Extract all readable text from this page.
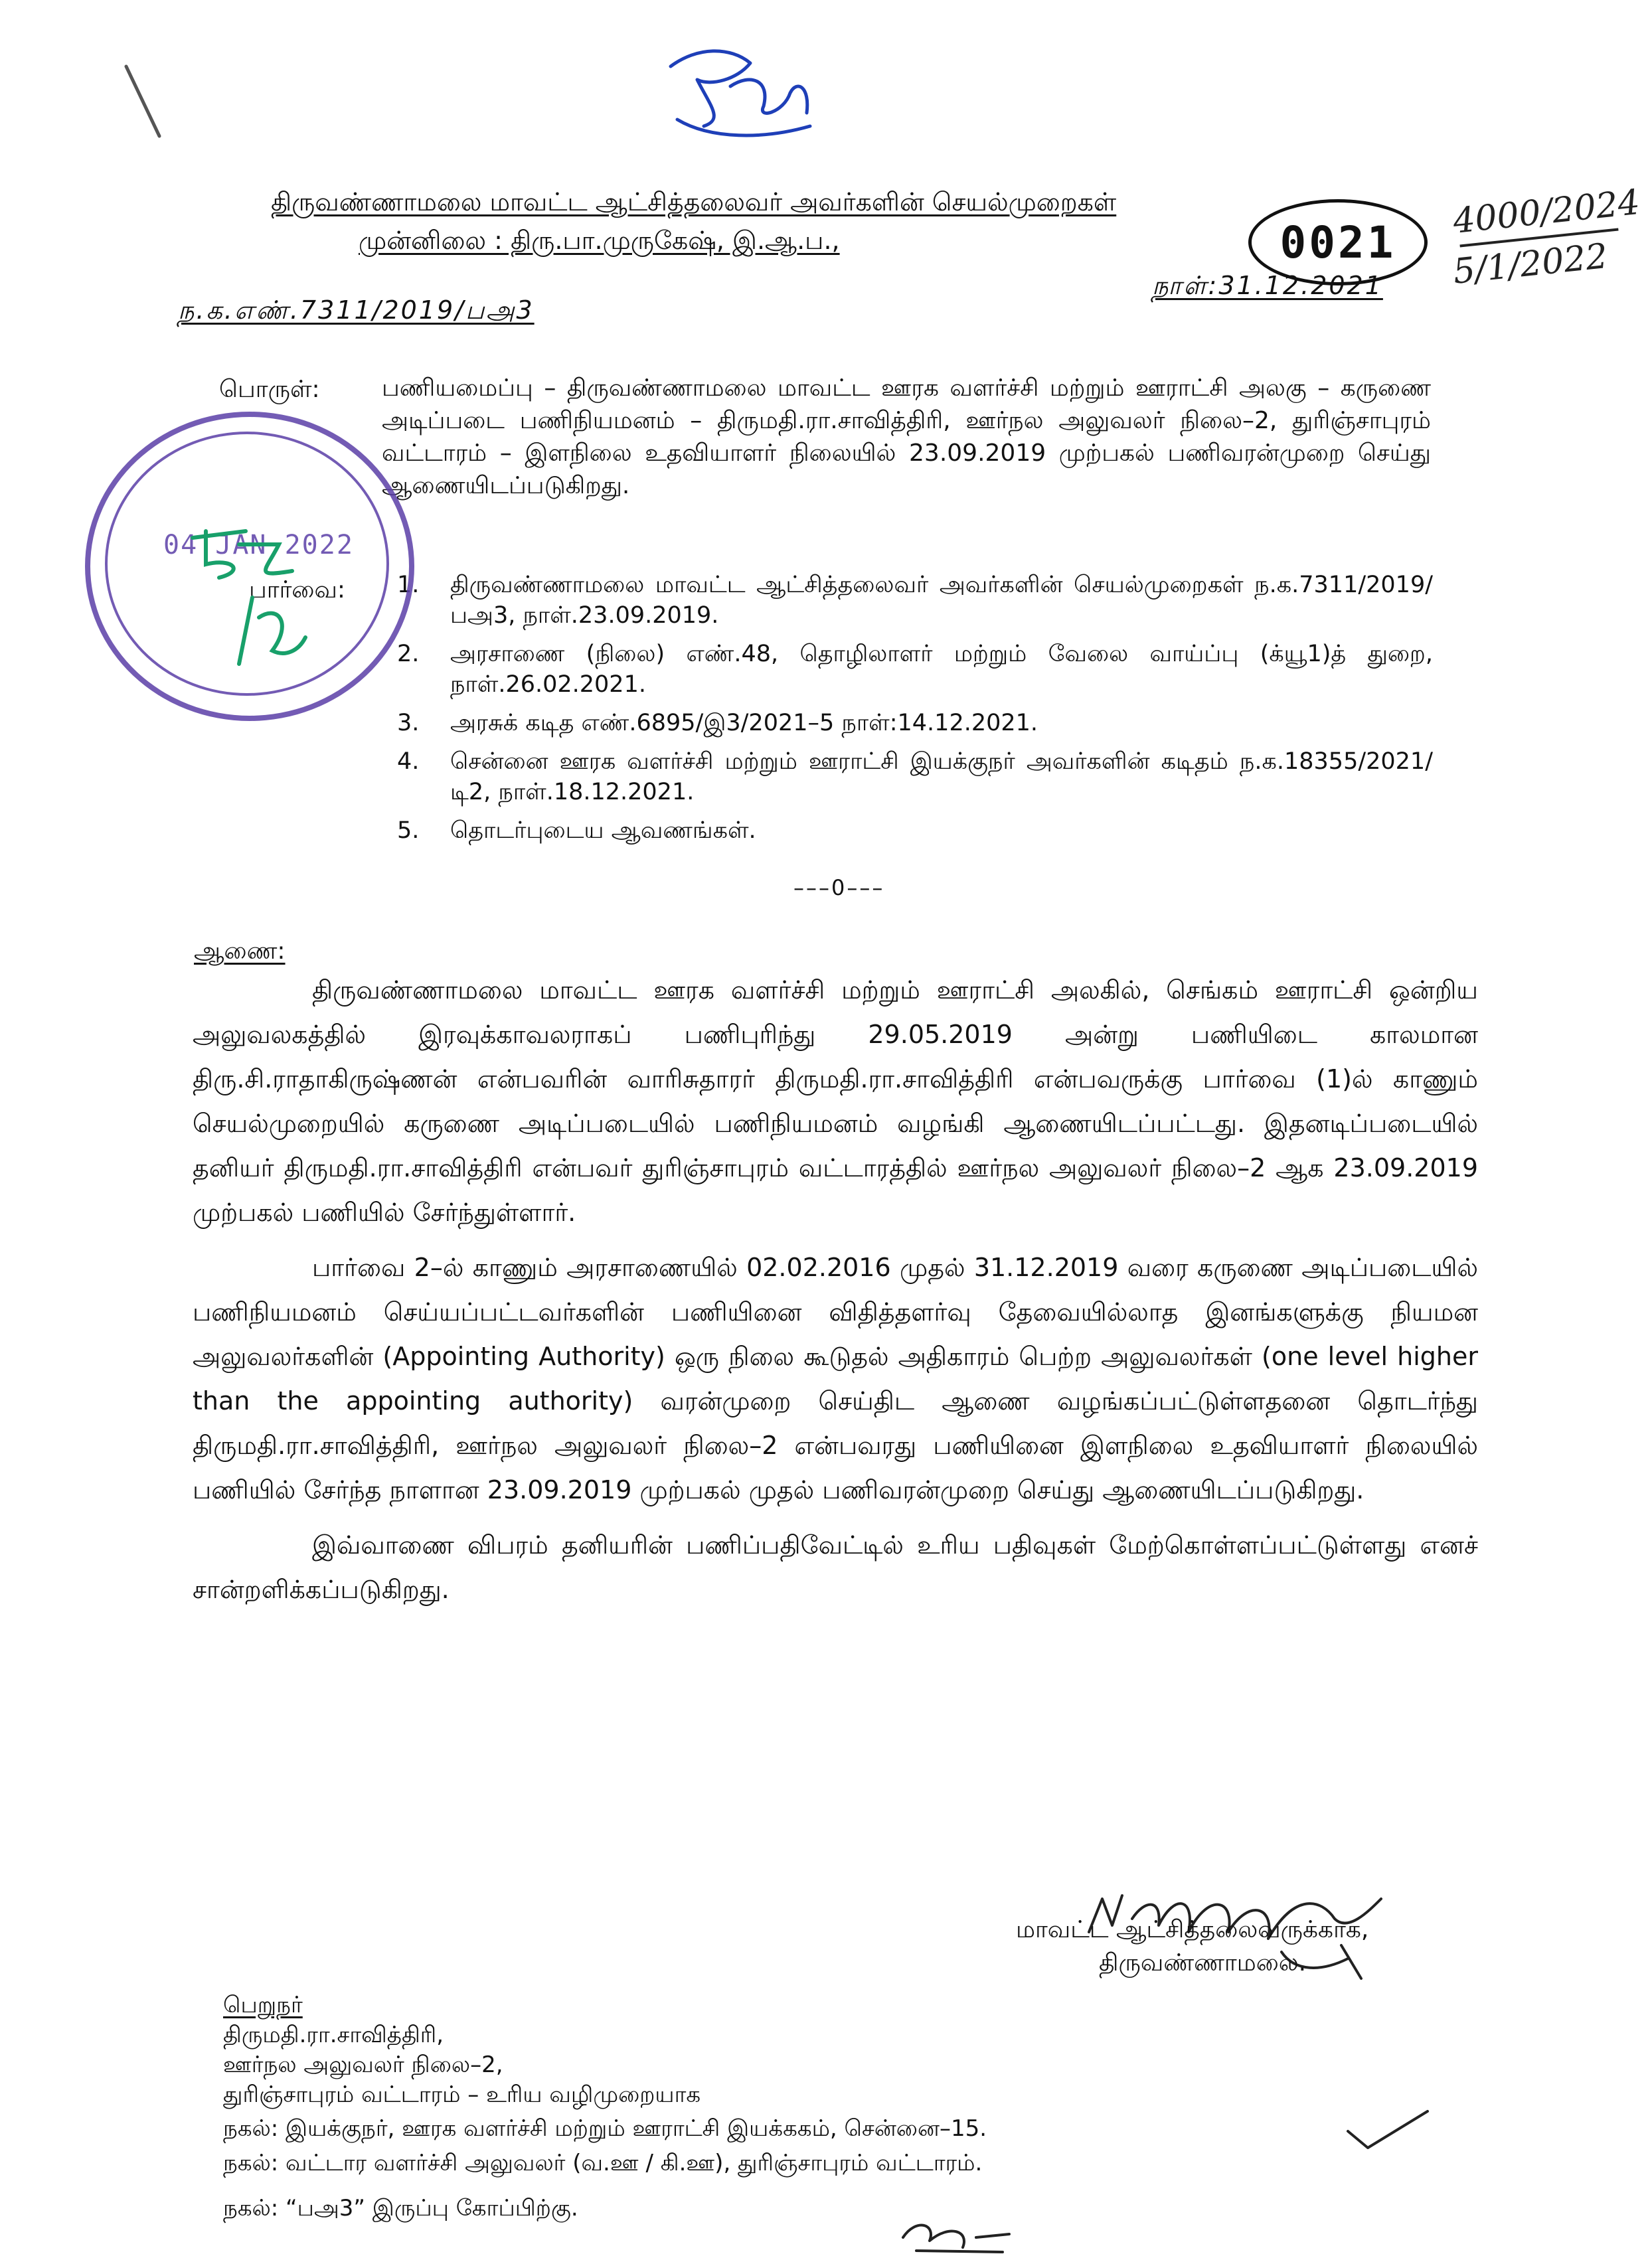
திருவண்ணாமலை மாவட்ட ஆட்சித்தலைவர் அவர்களின் செயல்முறைகள்
முன்னிலை : திரு.பா.முருகேஷ், இ.ஆ.ப.,	0021
4000/2024
5/1/2022
நாள்:31.12.2021
ந.க.எண்.7311/2019/பஅ3
பொருள்:	பணியமைப்பு – திருவண்ணாமலை மாவட்ட ஊரக வளர்ச்சி மற்றும் ஊராட்சி அலகு – கருணை அடிப்படை பணிநியமனம் – திருமதி.ரா.சாவித்திரி, ஊர்நல அலுவலர் நிலை–2, துரிஞ்சாபுரம் வட்டாரம் – இளநிலை உதவியாளர் நிலையில் 23.09.2019 முற்பகல் பணிவரன்முறை செய்து ஆணையிடப்படுகிறது.
பார்வை: 1.	திருவண்ணாமலை மாவட்ட ஆட்சித்தலைவர் அவர்களின் செயல்முறைகள் ந.க.7311/2019/பஅ3, நாள்.23.09.2019.
2.	அரசாணை (நிலை) எண்.48, தொழிலாளர் மற்றும் வேலை வாய்ப்பு (க்யூ1)த் துறை, நாள்.26.02.2021.
3.	அரசுக் கடித எண்.6895/இ3/2021–5 நாள்:14.12.2021.
4.	சென்னை ஊரக வளர்ச்சி மற்றும் ஊராட்சி இயக்குநர் அவர்களின் கடிதம் ந.க.18355/2021/டி2, நாள்.18.12.2021.
5.	தொடர்புடைய ஆவணங்கள்.
–––0–––
04 JAN 2022
ஆணை:

திருவண்ணாமலை மாவட்ட ஊரக வளர்ச்சி மற்றும் ஊராட்சி அலகில், செங்கம் ஊராட்சி ஒன்றிய அலுவலகத்தில் இரவுக்காவலராகப் பணிபுரிந்து 29.05.2019 அன்று பணியிடை காலமான திரு.சி.ராதாகிருஷ்ணன் என்பவரின் வாரிசுதாரர் திருமதி.ரா.சாவித்திரி என்பவருக்கு பார்வை (1)ல் காணும் செயல்முறையில் கருணை அடிப்படையில் பணிநியமனம் வழங்கி ஆணையிடப்பட்டது. இதனடிப்படையில் தனியர் திருமதி.ரா.சாவித்திரி என்பவர் துரிஞ்சாபுரம் வட்டாரத்தில் ஊர்நல அலுவலர் நிலை–2 ஆக 23.09.2019 முற்பகல் பணியில் சேர்ந்துள்ளார்.

பார்வை 2–ல் காணும் அரசாணையில் 02.02.2016 முதல் 31.12.2019 வரை கருணை அடிப்படையில் பணிநியமனம் செய்யப்பட்டவர்களின் பணியினை விதித்தளர்வு தேவையில்லாத இனங்களுக்கு நியமன அலுவலர்களின் (Appointing Authority) ஒரு நிலை கூடுதல் அதிகாரம் பெற்ற அலுவலர்கள் (one level higher than the appointing authority) வரன்முறை செய்திட ஆணை வழங்கப்பட்டுள்ளதனை தொடர்ந்து திருமதி.ரா.சாவித்திரி, ஊர்நல அலுவலர் நிலை–2 என்பவரது பணியினை இளநிலை உதவியாளர் நிலையில் பணியில் சேர்ந்த நாளான 23.09.2019 முற்பகல் முதல் பணிவரன்முறை செய்து ஆணையிடப்படுகிறது.

இவ்வாணை விபரம் தனியரின் பணிப்பதிவேட்டில் உரிய பதிவுகள் மேற்கொள்ளப்பட்டுள்ளது எனச் சான்றளிக்கப்படுகிறது.

மாவட்ட ஆட்சித்தலைவருக்காக,
திருவண்ணாமலை.
பெறுநர்
திருமதி.ரா.சாவித்திரி,
ஊர்நல அலுவலர் நிலை–2,
துரிஞ்சாபுரம் வட்டாரம் – உரிய வழிமுறையாக
நகல்: இயக்குநர், ஊரக வளர்ச்சி மற்றும் ஊராட்சி இயக்ககம், சென்னை–15.
நகல்: வட்டார வளர்ச்சி அலுவலர் (வ.ஊ / கி.ஊ), துரிஞ்சாபுரம் வட்டாரம்.
நகல்: “பஅ3” இருப்பு கோப்பிற்கு.
